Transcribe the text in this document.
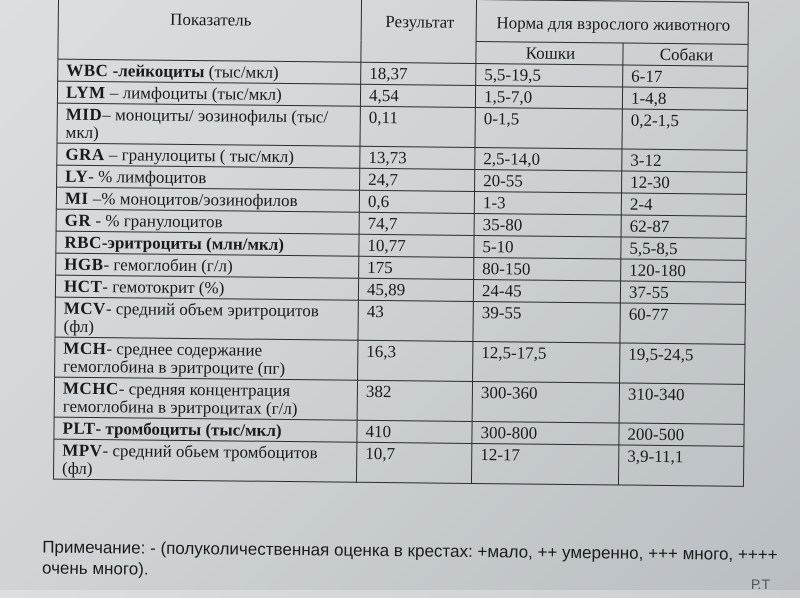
Показатель	Результат	Норма для взрослого животного	
		Кошки	Собаки
WBC -лейкоциты (тыс/мкл)	18,37	5,5-19,5	6-17
LYM – лимфоциты (тыс/мкл)	4,54	1,5-7,0	1-4,8
MID– моноциты/ эозинофилы (тыс/мкл)	0,11	0-1,5	0,2-1,5
GRA – гранулоциты ( тыс/мкл)	13,73	2,5-14,0	3-12
LY- % лимфоцитов	24,7	20-55	12-30
MI –% моноцитов/эозинофилов	0,6	1-3	2-4
GR - % гранулоцитов	74,7	35-80	62-87
RBC-эритроциты (млн/мкл)	10,77	5-10	5,5-8,5
HGB- гемоглобин (г/л)	175	80-150	120-180
HCT- гемотокрит (%)	45,89	24-45	37-55
MCV- средний объем эритроцитов (фл)	43	39-55	60-77
MCH- среднее содержание гемоглобина в эритроците (пг)	16,3	12,5-17,5	19,5-24,5
MCHC- средняя концентрация гемоглобина в эритроцитах (г/л)	382	300-360	310-340
PLT- тромбоциты (тыс/мкл)	410	300-800	200-500
MPV- средний обьем тромбоцитов (фл)	10,7	12-17	3,9-11,1
Примечание: - (полуколичественная оценка в крестах: +мало, ++ умеренно, +++ много, ++++ очень много).
Р.Т
